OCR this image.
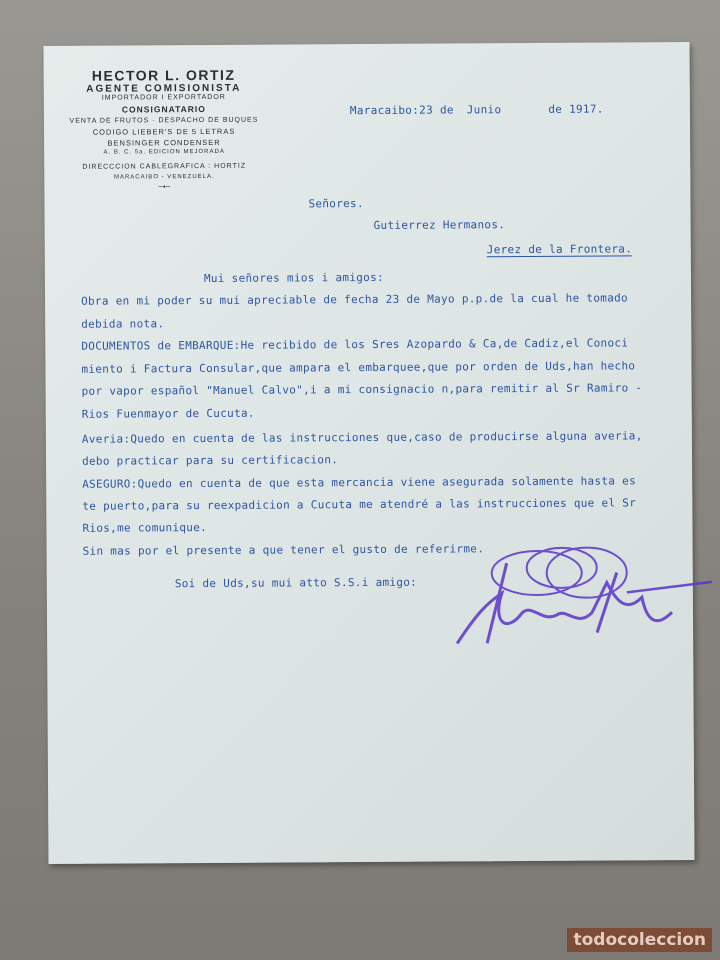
HECTOR L. ORTIZ
AGENTE COMISIONISTA
IMPORTADOR I EXPORTADOR
CONSIGNATARIO
VENTA DE FRUTOS · DESPACHO DE BUQUES
CODIGO LIEBER'S DE 5 LETRAS
BENSINGER CONDENSER
A. B. C. 5a. EDICION MEJORADA
DIRECCCION CABLEGRAFICA : HORTIZ
MARACAIBO - VENEZUELA.
~•~
Maracaibo:23 de Junio	de 1917.
Señores.
Gutierrez Hermanos.
Jerez de la Frontera.
Mui señores mios i amigos:
Obra en mi poder su mui apreciable de fecha 23 de Mayo p.p.de la cual he tomado
debida nota.
DOCUMENTOS de EMBARQUE:He recibido de los Sres Azopardo & Ca,de Cadiz,el Conoci
miento i Factura Consular,que ampara el embarquee,que por orden de Uds,han hecho
por vapor español "Manuel Calvo",i a mi consignacio n,para remitir al Sr Ramiro -
Rios Fuenmayor de Cucuta.
Averia:Quedo en cuenta de las instrucciones que,caso de producirse alguna averia,
debo practicar para su certificacion.
ASEGURO:Quedo en cuenta de que esta mercancia viene asegurada solamente hasta es
te puerto,para su reexpadicion a Cucuta me atendré a las instrucciones que el Sr
Rios,me comunique.
Sin mas por el presente a que tener el gusto de referirme.
Soi de Uds,su mui atto S.S.i amigo:
todocoleccion
